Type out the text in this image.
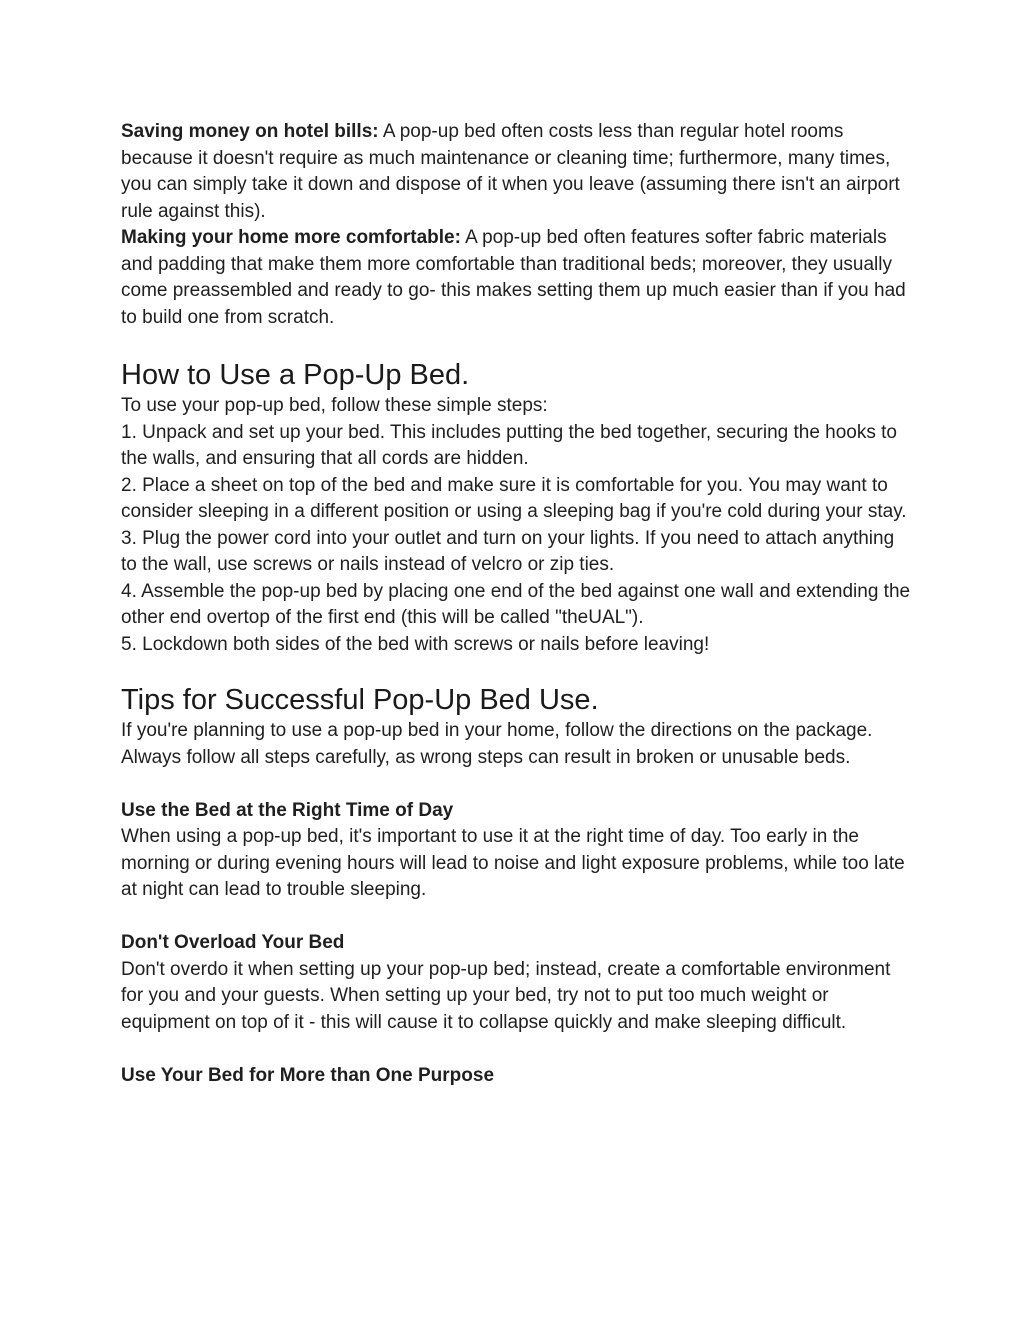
Saving money on hotel bills: A pop-up bed often costs less than regular hotel rooms because it doesn't require as much maintenance or cleaning time; furthermore, many times, you can simply take it down and dispose of it when you leave (assuming there isn't an airport rule against this).

Making your home more comfortable: A pop-up bed often features softer fabric materials and padding that make them more comfortable than traditional beds; moreover, they usually come preassembled and ready to go- this makes setting them up much easier than if you had to build one from scratch.

How to Use a Pop-Up Bed.

To use your pop-up bed, follow these simple steps:

1. Unpack and set up your bed. This includes putting the bed together, securing the hooks to the walls, and ensuring that all cords are hidden.

2. Place a sheet on top of the bed and make sure it is comfortable for you. You may want to consider sleeping in a different position or using a sleeping bag if you're cold during your stay.

3. Plug the power cord into your outlet and turn on your lights. If you need to attach anything to the wall, use screws or nails instead of velcro or zip ties.

4. Assemble the pop-up bed by placing one end of the bed against one wall and extending the other end overtop of the first end (this will be called "theUAL").

5. Lockdown both sides of the bed with screws or nails before leaving!

Tips for Successful Pop-Up Bed Use.

If you're planning to use a pop-up bed in your home, follow the directions on the package. Always follow all steps carefully, as wrong steps can result in broken or unusable beds.

Use the Bed at the Right Time of Day

When using a pop-up bed, it's important to use it at the right time of day. Too early in the morning or during evening hours will lead to noise and light exposure problems, while too late at night can lead to trouble sleeping.

Don't Overload Your Bed

Don't overdo it when setting up your pop-up bed; instead, create a comfortable environment for you and your guests. When setting up your bed, try not to put too much weight or equipment on top of it - this will cause it to collapse quickly and make sleeping difficult.

Use Your Bed for More than One Purpose
